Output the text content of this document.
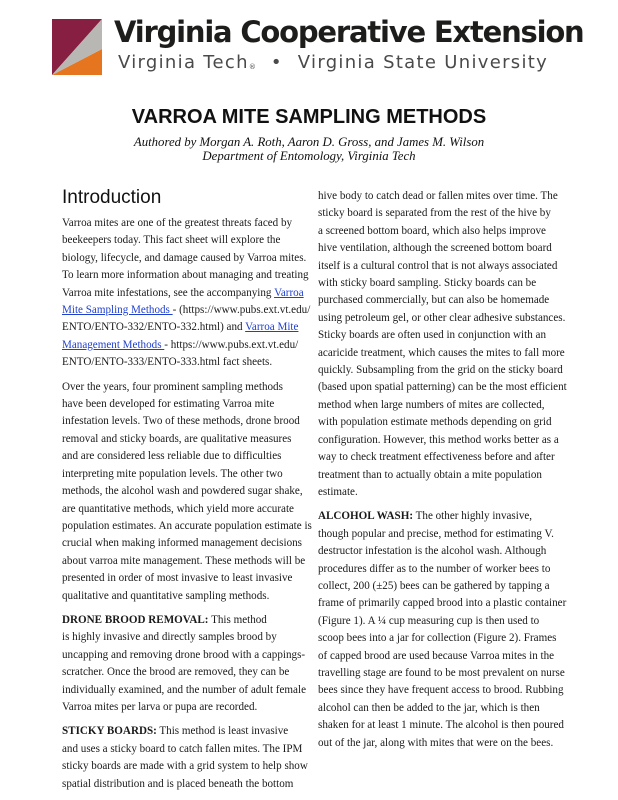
Virginia Cooperative Extension
Virginia Tech® • Virginia State University
VARROA MITE SAMPLING METHODS
Authored by Morgan A. Roth, Aaron D. Gross, and James M. Wilson
Department of Entomology, Virginia Tech
Introduction

Varroa mites are one of the greatest threats faced by
beekeepers today. This fact sheet will explore the
biology, lifecycle, and damage caused by Varroa mites.
To learn more information about managing and treating
Varroa mite infestations, see the accompanying Varroa
Mite Sampling Methods - (https://www.pubs.ext.vt.edu/
ENTO/ENTO-332/ENTO-332.html) and Varroa Mite
Management Methods - https://www.pubs.ext.vt.edu/
ENTO/ENTO-333/ENTO-333.html fact sheets.

Over the years, four prominent sampling methods
have been developed for estimating Varroa mite
infestation levels. Two of these methods, drone brood
removal and sticky boards, are qualitative measures
and are considered less reliable due to difficulties
interpreting mite population levels. The other two
methods, the alcohol wash and powdered sugar shake,
are quantitative methods, which yield more accurate
population estimates. An accurate population estimate is
crucial when making informed management decisions
about varroa mite management. These methods will be
presented in order of most invasive to least invasive
qualitative and quantitative sampling methods.

DRONE BROOD REMOVAL: This method
is highly invasive and directly samples brood by
uncapping and removing drone brood with a cappings-
scratcher. Once the brood are removed, they can be
individually examined, and the number of adult female
Varroa mites per larva or pupa are recorded.

STICKY BOARDS: This method is least invasive
and uses a sticky board to catch fallen mites. The IPM
sticky boards are made with a grid system to help show
spatial distribution and is placed beneath the bottom

hive body to catch dead or fallen mites over time. The
sticky board is separated from the rest of the hive by
a screened bottom board, which also helps improve
hive ventilation, although the screened bottom board
itself is a cultural control that is not always associated
with sticky board sampling. Sticky boards can be
purchased commercially, but can also be homemade
using petroleum gel, or other clear adhesive substances.
Sticky boards are often used in conjunction with an
acaricide treatment, which causes the mites to fall more
quickly. Subsampling from the grid on the sticky board
(based upon spatial patterning) can be the most efficient
method when large numbers of mites are collected,
with population estimate methods depending on grid
configuration. However, this method works better as a
way to check treatment effectiveness before and after
treatment than to actually obtain a mite population
estimate.

ALCOHOL WASH: The other highly invasive,
though popular and precise, method for estimating V.
destructor infestation is the alcohol wash. Although
procedures differ as to the number of worker bees to
collect, 200 (±25) bees can be gathered by tapping a
frame of primarily capped brood into a plastic container
(Figure 1). A ¼ cup measuring cup is then used to
scoop bees into a jar for collection (Figure 2). Frames
of capped brood are used because Varroa mites in the
travelling stage are found to be most prevalent on nurse
bees since they have frequent access to brood. Rubbing
alcohol can then be added to the jar, which is then
shaken for at least 1 minute. The alcohol is then poured
out of the jar, along with mites that were on the bees.
